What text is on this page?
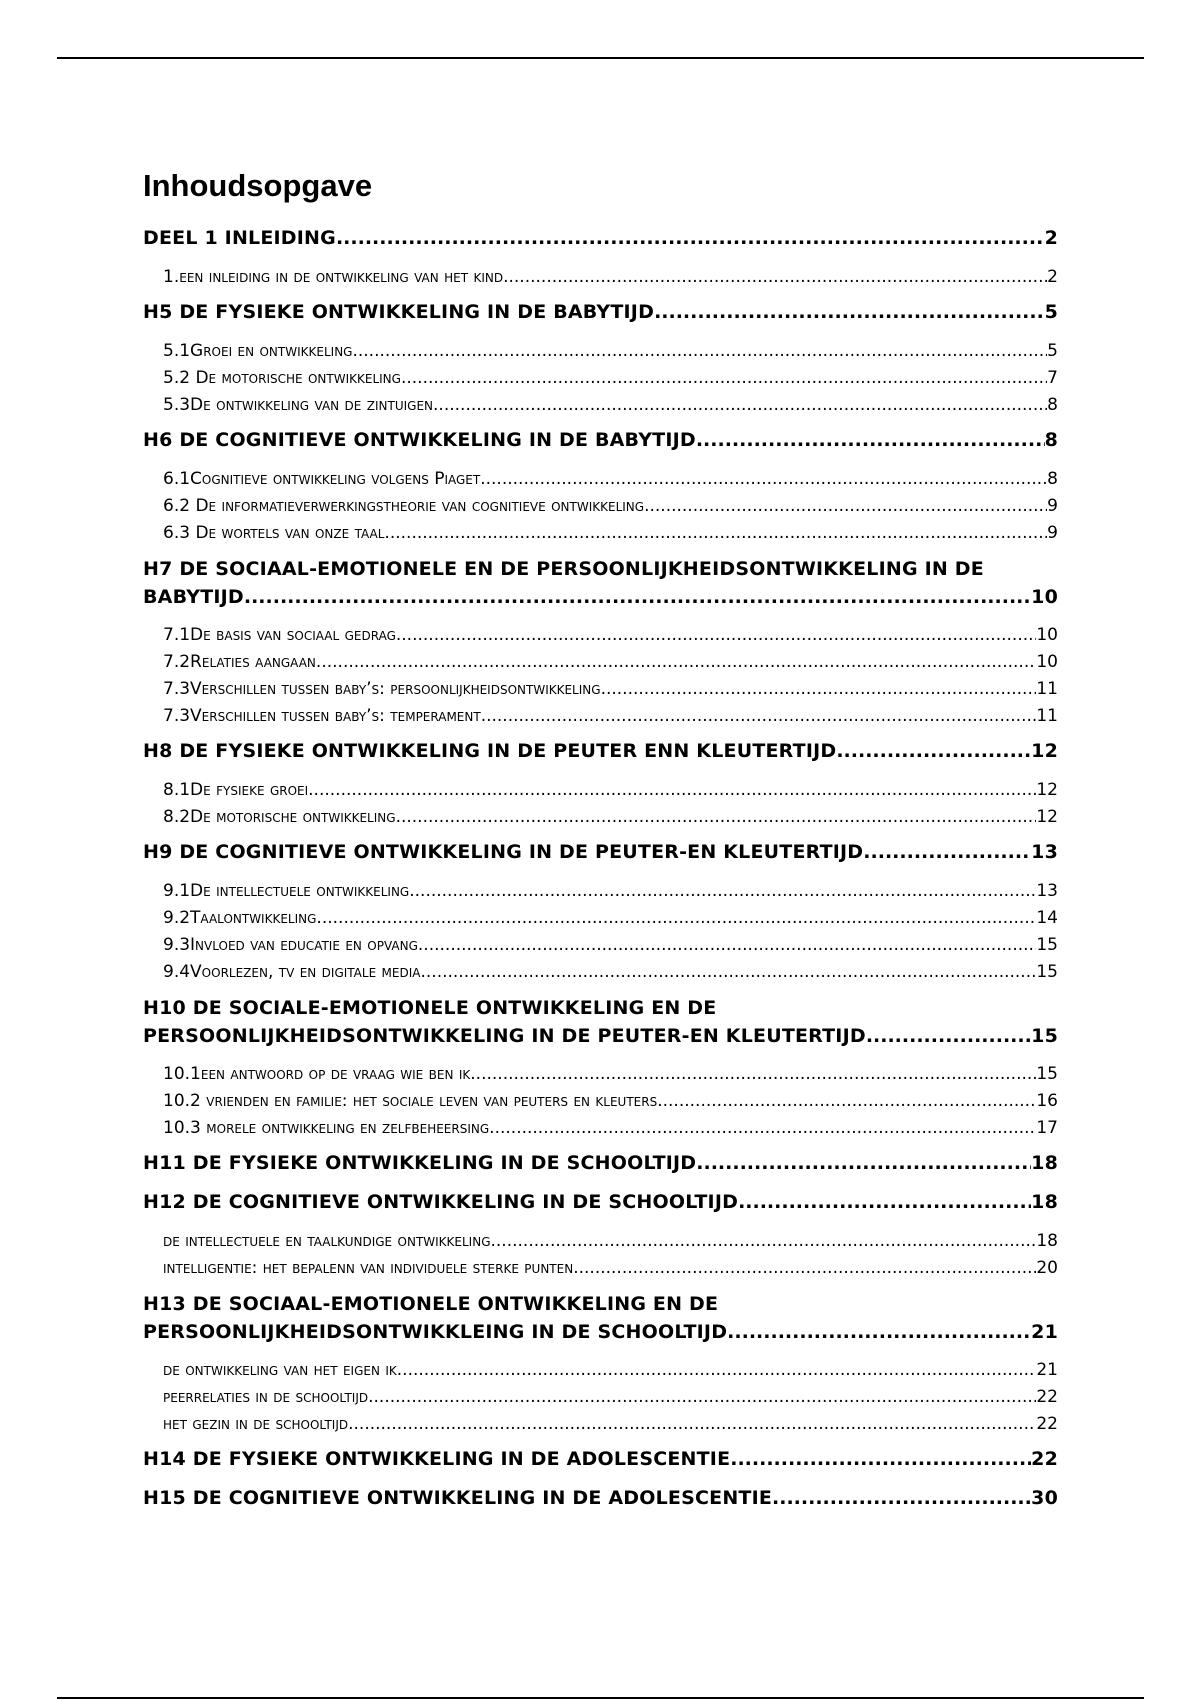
Inhoudsopgave
DEEL 1 INLEIDING .....	2
1.een inleiding in de ontwikkeling van het kind .....	2
H5 DE FYSIEKE ONTWIKKELING IN DE BABYTIJD .....	5
5.1Groei en ontwikkeling .....	5
5.2 De motorische ontwikkeling .....	7
5.3De ontwikkeling van de zintuigen .....	8
H6 DE COGNITIEVE ONTWIKKELING IN DE BABYTIJD .....	8
6.1Cognitieve ontwikkeling volgens Piaget .....	8
6.2 De informatieverwerkingstheorie van cognitieve ontwikkeling .....	9
6.3 De wortels van onze taal .....	9
H7 DE SOCIAAL-EMOTIONELE EN DE PERSOONLIJKHEIDSONTWIKKELING IN DE
BABYTIJD .....	10
7.1De basis van sociaal gedrag .....	10
7.2Relaties aangaan .....	10
7.3Verschillen tussen baby’s: persoonlijkheidsontwikkeling .....	11
7.3Verschillen tussen baby’s: temperament .....	11
H8 DE FYSIEKE ONTWIKKELING IN DE PEUTER ENN KLEUTERTIJD .....	12
8.1De fysieke groei .....	12
8.2De motorische ontwikkeling .....	12
H9 DE COGNITIEVE ONTWIKKELING IN DE PEUTER-EN KLEUTERTIJD .....	13
9.1De intellectuele ontwikkeling .....	13
9.2Taalontwikkeling .....	14
9.3Invloed van educatie en opvang .....	15
9.4Voorlezen, tv en digitale media .....	15
H10 DE SOCIALE-EMOTIONELE ONTWIKKELING EN DE
PERSOONLIJKHEIDSONTWIKKELING IN DE PEUTER-EN KLEUTERTIJD .....	15
10.1een antwoord op de vraag wie ben ik .....	15
10.2 vrienden en familie: het sociale leven van peuters en kleuters .....	16
10.3 morele ontwikkeling en zelfbeheersing .....	17
H11 DE FYSIEKE ONTWIKKELING IN DE SCHOOLTIJD .....	18
H12 DE COGNITIEVE ONTWIKKELING IN DE SCHOOLTIJD .....	18
de intellectuele en taalkundige ontwikkeling .....	18
intelligentie: het bepalenn van individuele sterke punten .....	20
H13 DE SOCIAAL-EMOTIONELE ONTWIKKELING EN DE
PERSOONLIJKHEIDSONTWIKKLEING IN DE SCHOOLTIJD .....	21
de ontwikkeling van het eigen ik .....	21
peerrelaties in de schooltijd .....	22
het gezin in de schooltijd .....	22
H14 DE FYSIEKE ONTWIKKELING IN DE ADOLESCENTIE .....	22
H15 DE COGNITIEVE ONTWIKKELING IN DE ADOLESCENTIE .....	30
